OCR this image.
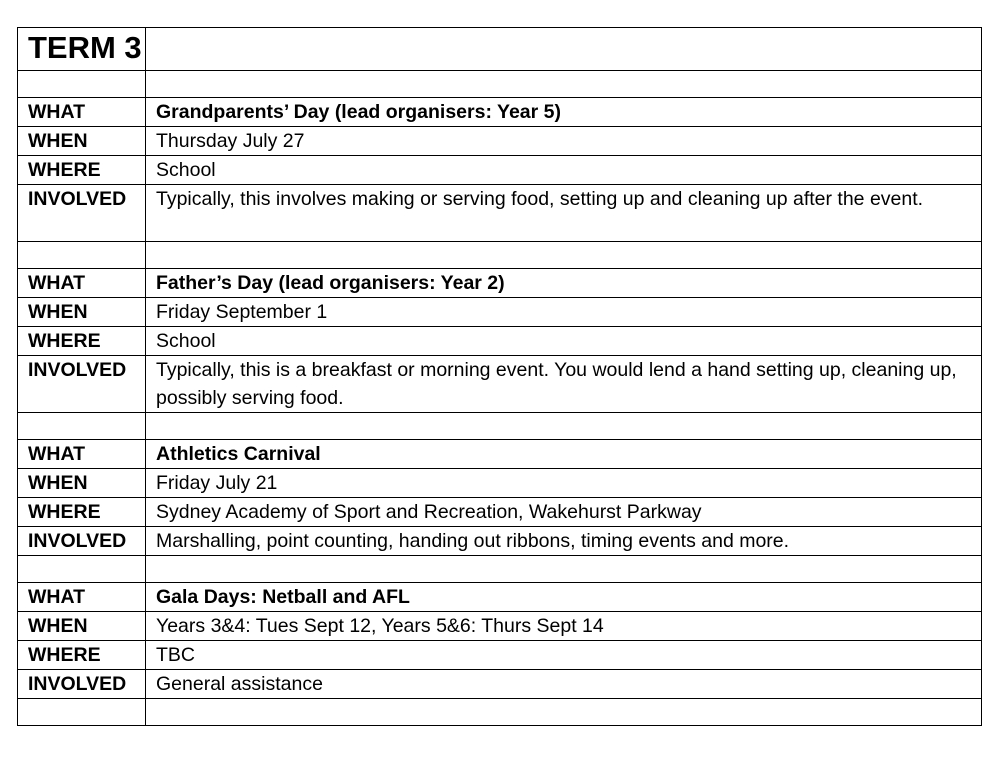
TERM 3	

WHAT	Grandparents’ Day (lead organisers: Year 5)
WHEN	Thursday July 27
WHERE	School
INVOLVED	Typically, this involves making or serving food, setting up and cleaning up after the event.

WHAT	Father’s Day (lead organisers: Year 2)
WHEN	Friday September 1
WHERE	School
INVOLVED	Typically, this is a breakfast or morning event. You would lend a hand setting up, cleaning up, possibly serving food.

WHAT	Athletics Carnival
WHEN	Friday July 21
WHERE	Sydney Academy of Sport and Recreation, Wakehurst Parkway
INVOLVED	Marshalling, point counting, handing out ribbons, timing events and more.

WHAT	Gala Days: Netball and AFL
WHEN	Years 3&4: Tues Sept 12, Years 5&6: Thurs Sept 14
WHERE	TBC
INVOLVED	General assistance
